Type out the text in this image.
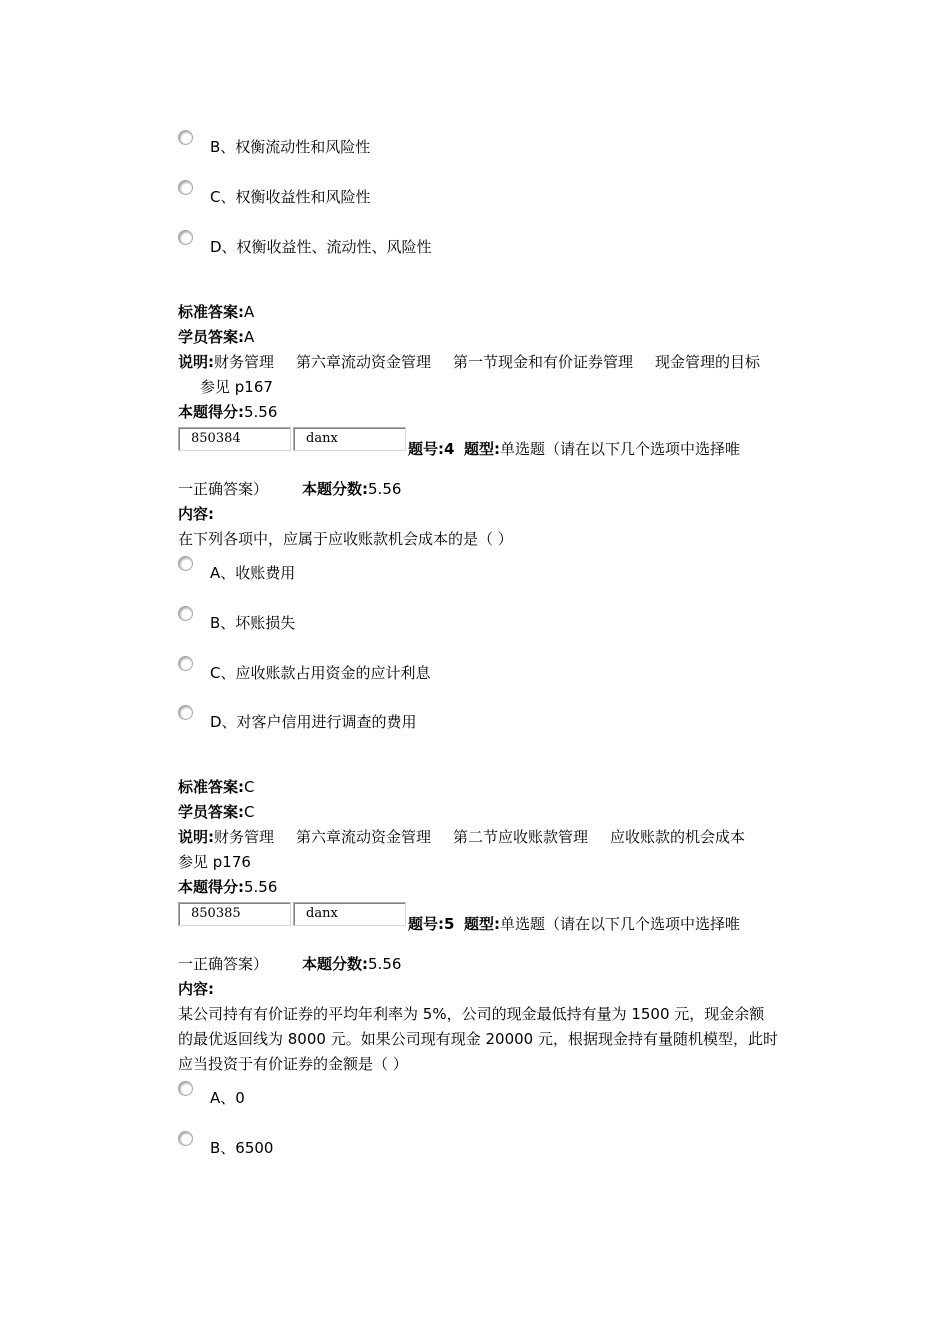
B、权衡流动性和风险性
C、权衡收益性和风险性
D、权衡收益性、流动性、风险性
标准答案:A
学员答案:A
说明:财务管理 第六章流动资金管理 第一节现金和有价证券管理 现金管理的目标参见 p167
本题得分:5.56
850384	danx
题号:4 题型:单选题（请在以下几个选项中选择唯
一正确答案） 本题分数:5.56
内容:
在下列各项中，应属于应收账款机会成本的是（ ）
A、收账费用
B、坏账损失
C、应收账款占用资金的应计利息
D、对客户信用进行调查的费用
标准答案:C
学员答案:C
说明:财务管理 第六章流动资金管理 第二节应收账款管理 应收账款的机会成本参见 p176
本题得分:5.56
850385	danx
题号:5 题型:单选题（请在以下几个选项中选择唯
一正确答案） 本题分数:5.56
内容:
某公司持有有价证券的平均年利率为 5%，公司的现金最低持有量为 1500 元，现金余额的最优返回线为 8000 元。如果公司现有现金 20000 元，根据现金持有量随机模型，此时应当投资于有价证券的金额是（ ）
A、0
B、6500
